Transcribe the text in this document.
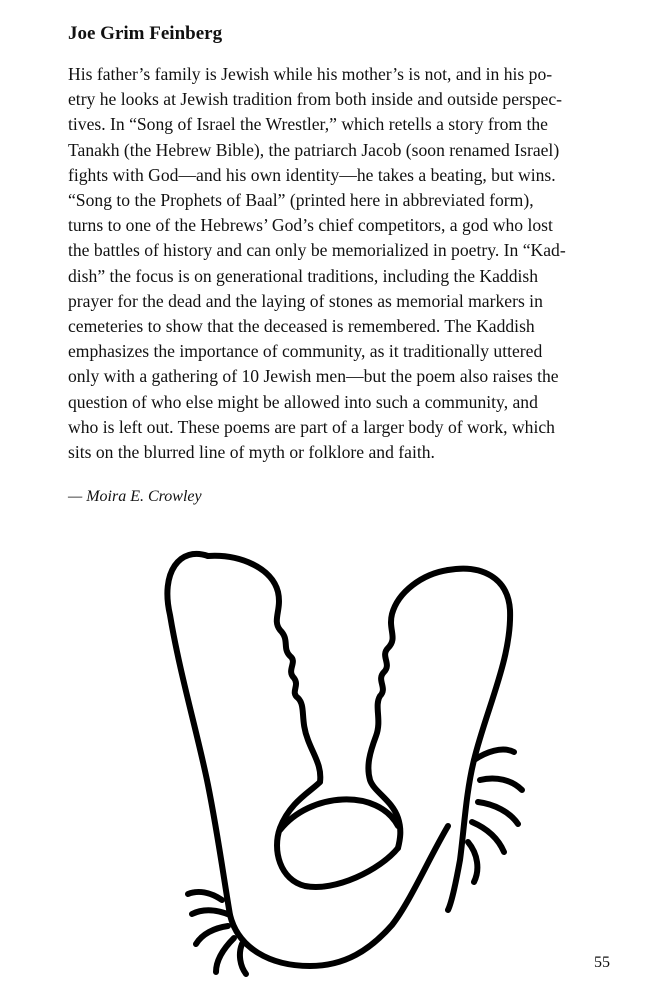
Joe Grim Feinberg
His father’s family is Jewish while his mother’s is not, and in his po-
etry he looks at Jewish tradition from both inside and outside perspec-
tives. In “Song of Israel the Wrestler,” which retells a story from the
Tanakh (the Hebrew Bible), the patriarch Jacob (soon renamed Israel)
fights with God—and his own identity—he takes a beating, but wins.
“Song to the Prophets of Baal” (printed here in abbreviated form),
turns to one of the Hebrews’ God’s chief competitors, a god who lost
the battles of history and can only be memorialized in poetry. In “Kad-
dish” the focus is on generational traditions, including the Kaddish
prayer for the dead and the laying of stones as memorial markers in
cemeteries to show that the deceased is remembered. The Kaddish
emphasizes the importance of community, as it traditionally uttered
only with a gathering of 10 Jewish men—but the poem also raises the
question of who else might be allowed into such a community, and
who is left out. These poems are part of a larger body of work, which
sits on the blurred line of myth or folklore and faith.

— Moira E. Crowley

55
